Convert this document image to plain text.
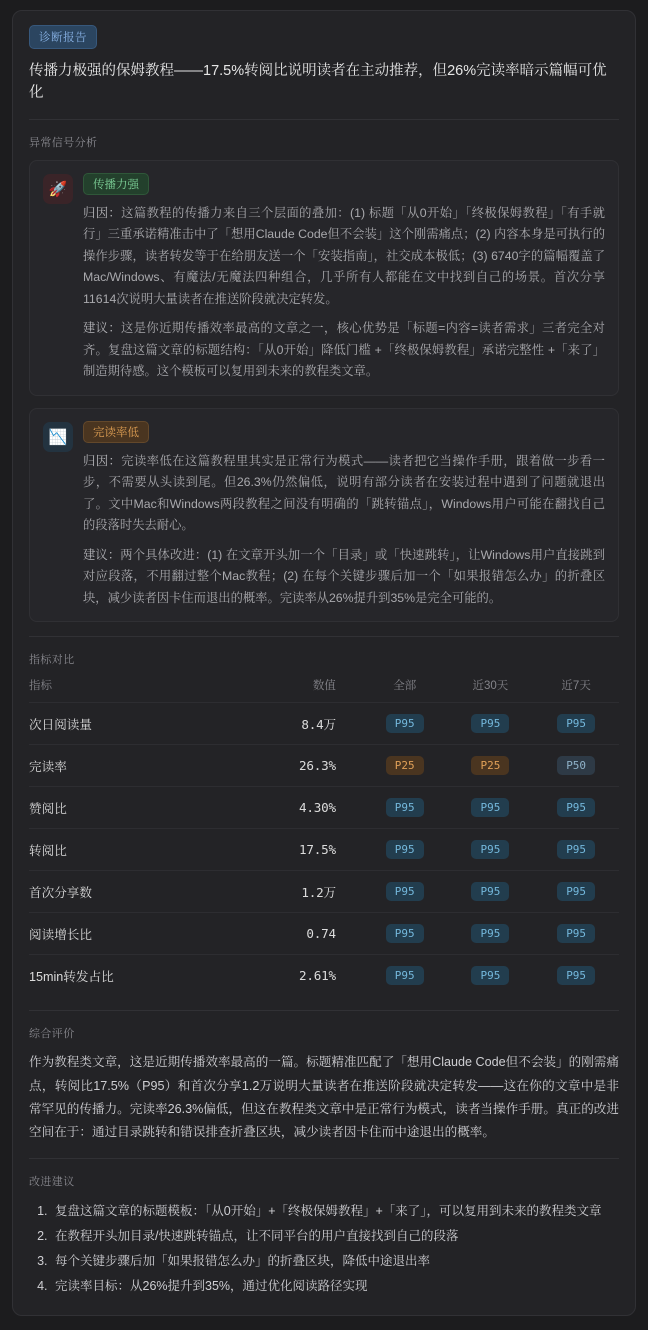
诊断报告
传播力极强的保姆教程——17.5%转阅比说明读者在主动推荐，但26%完读率暗示篇幅可优化
异常信号分析
🚀	传播力强

归因：这篇教程的传播力来自三个层面的叠加：(1) 标题「从0开始」「终极保姆教程」「有手就行」三重承诺精准击中了「想用Claude Code但不会装」这个刚需痛点；(2) 内容本身是可执行的操作步骤，读者转发等于在给朋友送一个「安装指南」，社交成本极低；(3) 6740字的篇幅覆盖了Mac/Windows、有魔法/无魔法四种组合，几乎所有人都能在文中找到自己的场景。首次分享11614次说明大量读者在推送阶段就决定转发。

建议：这是你近期传播效率最高的文章之一，核心优势是「标题=内容=读者需求」三者完全对齐。复盘这篇文章的标题结构：「从0开始」降低门槛 +「终极保姆教程」承诺完整性 +「来了」制造期待感。这个模板可以复用到未来的教程类文章。

📉	完读率低

归因：完读率低在这篇教程里其实是正常行为模式——读者把它当操作手册，跟着做一步看一步，不需要从头读到尾。但26.3%仍然偏低，说明有部分读者在安装过程中遇到了问题就退出了。文中Mac和Windows两段教程之间没有明确的「跳转锚点」，Windows用户可能在翻找自己的段落时失去耐心。

建议：两个具体改进：(1) 在文章开头加一个「目录」或「快速跳转」，让Windows用户直接跳到对应段落，不用翻过整个Mac教程；(2) 在每个关键步骤后加一个「如果报错怎么办」的折叠区块，减少读者因卡住而退出的概率。完读率从26%提升到35%是完全可能的。

指标对比
指标	数值	全部	近30天	近7天
次日阅读量	8.4万	P95	P95	P95
完读率	26.3%	P25	P25	P50
赞阅比	4.30%	P95	P95	P95
转阅比	17.5%	P95	P95	P95
首次分享数	1.2万	P95	P95	P95
阅读增长比	0.74	P95	P95	P95
15min转发占比	2.61%	P95	P95	P95
综合评价
作为教程类文章，这是近期传播效率最高的一篇。标题精准匹配了「想用Claude Code但不会装」的刚需痛点，转阅比17.5%（P95）和首次分享1.2万说明大量读者在推送阶段就决定转发——这在你的文章中是非常罕见的传播力。完读率26.3%偏低，但这在教程类文章中是正常行为模式，读者当操作手册。真正的改进空间在于：通过目录跳转和错误排查折叠区块，减少读者因卡住而中途退出的概率。
改进建议
1. 复盘这篇文章的标题模板：「从0开始」+「终极保姆教程」+「来了」，可以复用到未来的教程类文章
2. 在教程开头加目录/快速跳转锚点，让不同平台的用户直接找到自己的段落
3. 每个关键步骤后加「如果报错怎么办」的折叠区块，降低中途退出率
4. 完读率目标：从26%提升到35%，通过优化阅读路径实现
